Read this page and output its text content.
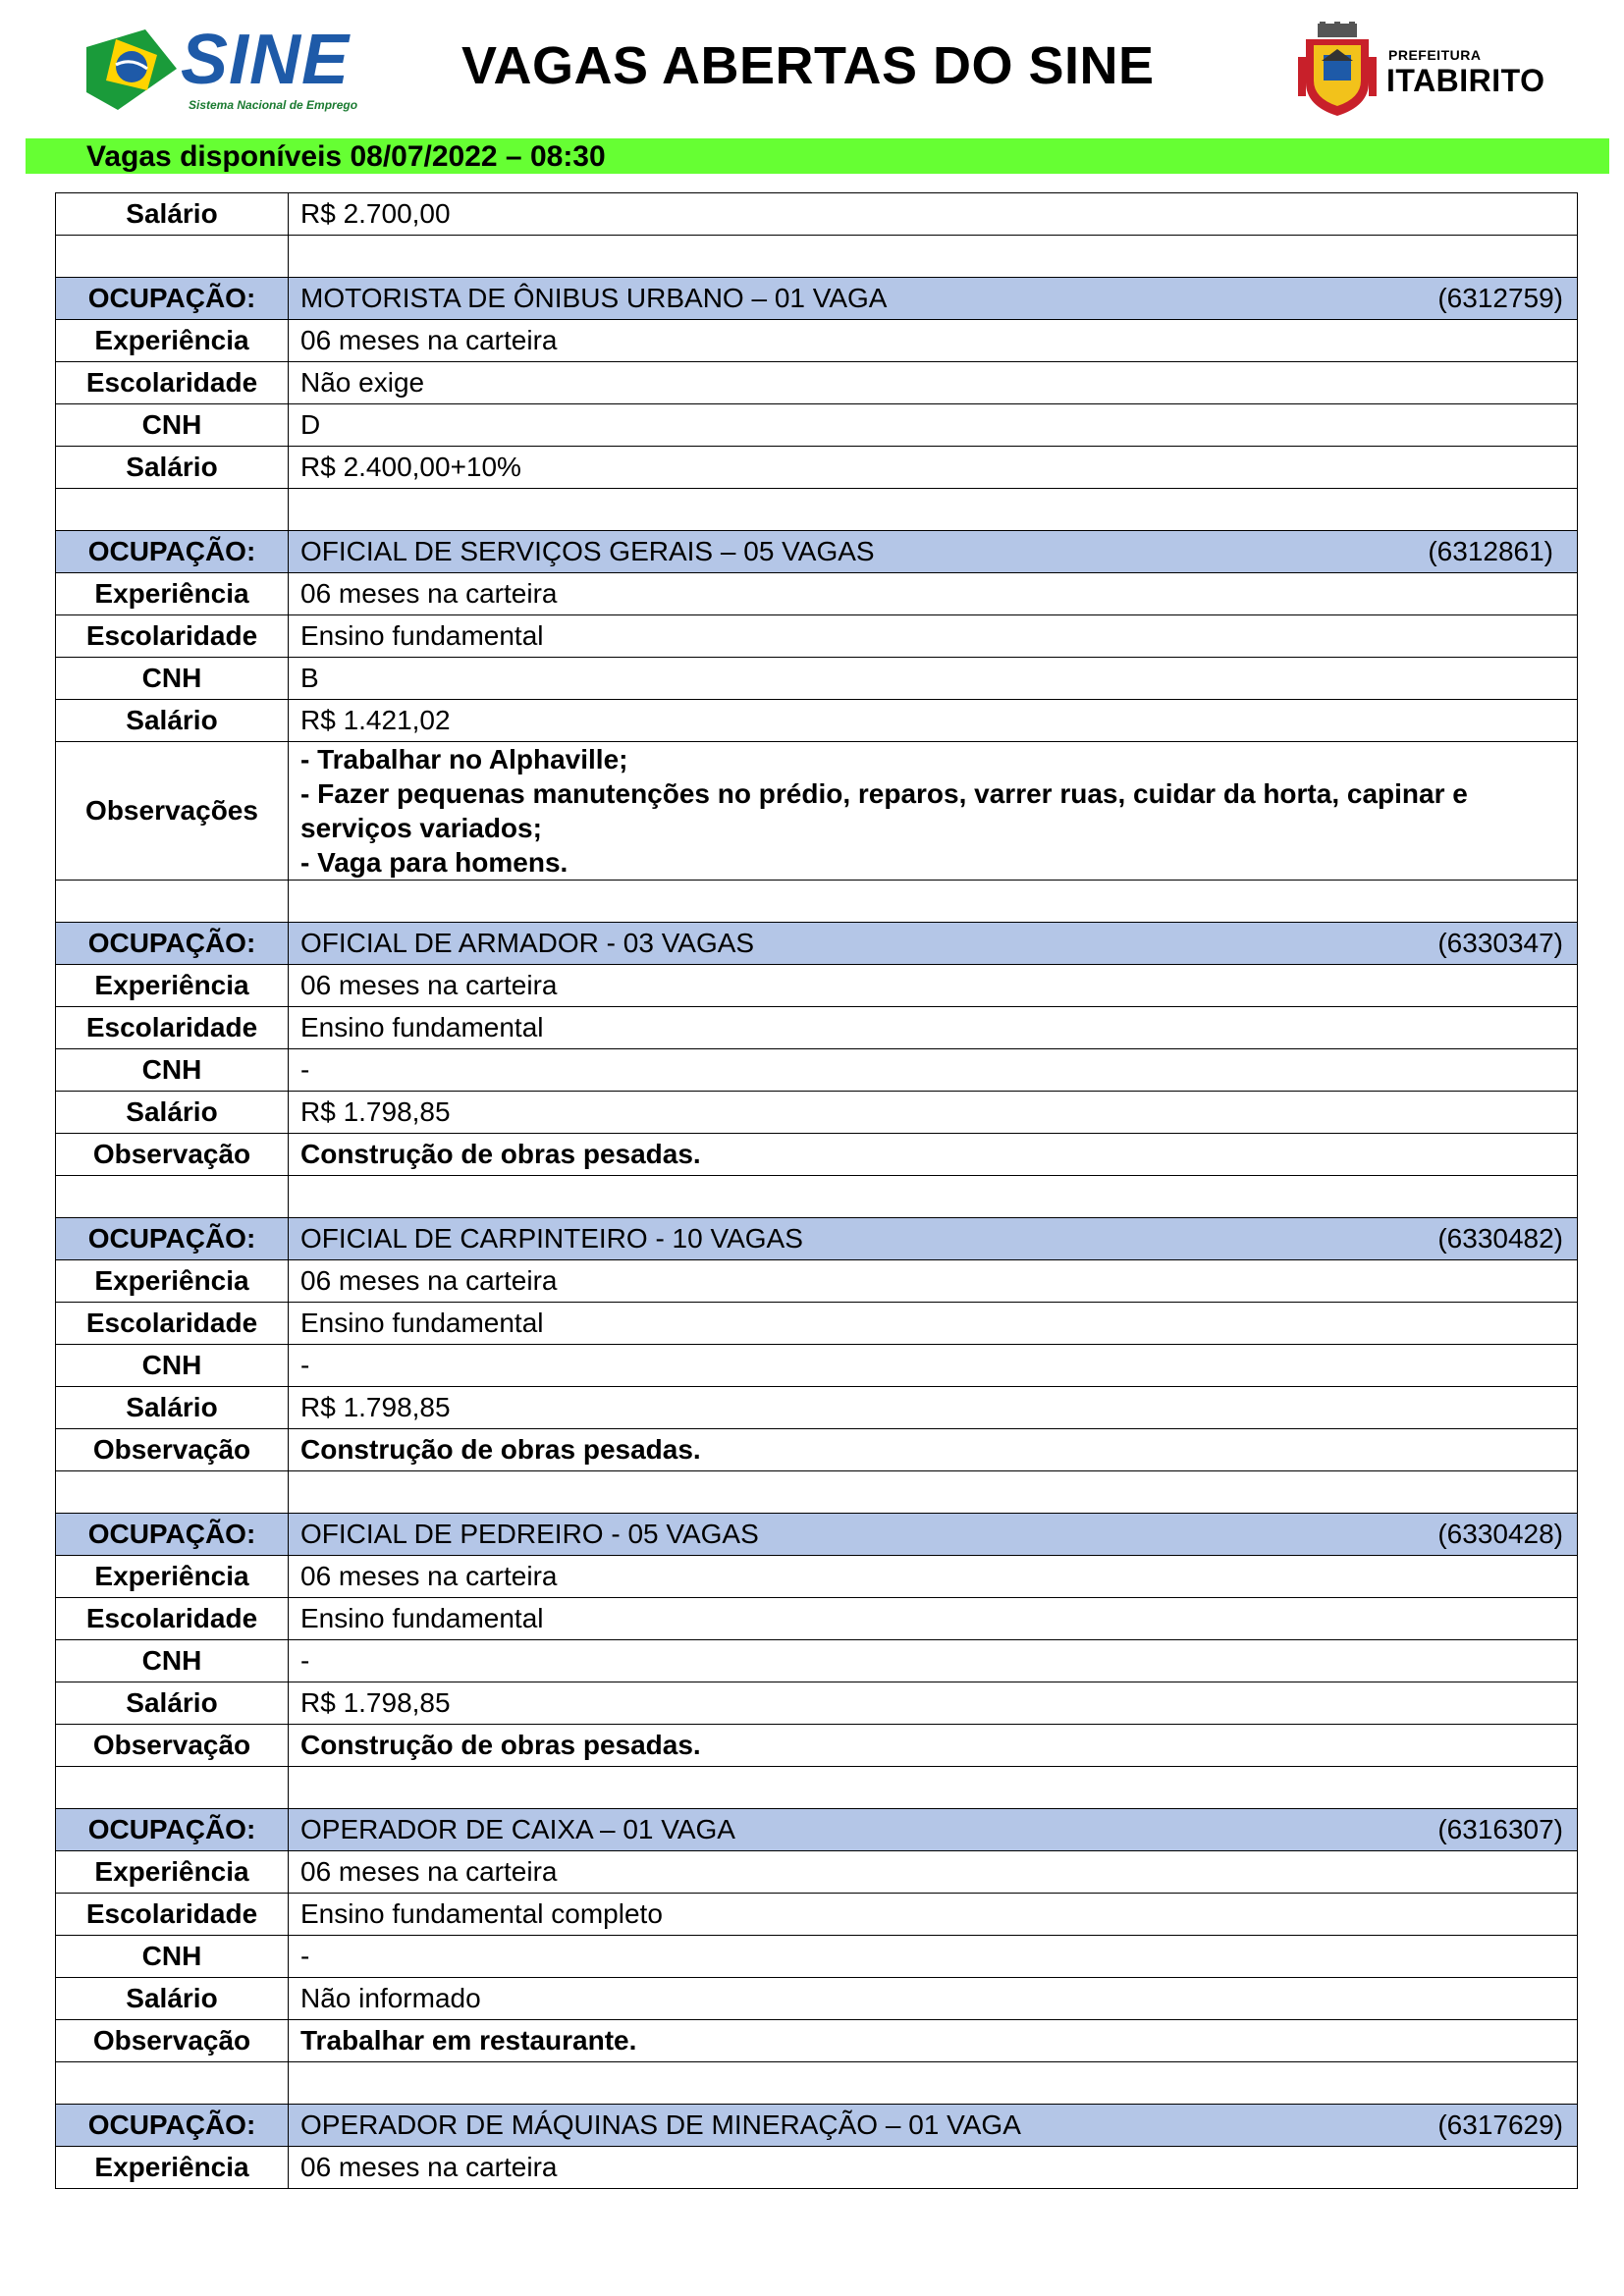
SINE
Sistema Nacional de Emprego
VAGAS ABERTAS DO SINE	PREFEITURA
ITABIRITO
Vagas disponíveis 08/07/2022 – 08:30
Salário	R$ 2.700,00

OCUPAÇÃO:	MOTORISTA DE ÔNIBUS URBANO – 01 VAGA (6312759)

Experiência	06 meses na carteira
Escolaridade	Não exige
CNH	D
Salário	R$ 2.400,00+10%

OCUPAÇÃO:	OFICIAL DE SERVIÇOS GERAIS – 05 VAGAS (6312861)

Experiência	06 meses na carteira
Escolaridade	Ensino fundamental
CNH	B
Salário	R$ 1.421,02
Observações	- Trabalhar no Alphaville;
- Fazer pequenas manutenções no prédio, reparos, varrer ruas, cuidar da horta, capinar e serviços variados;
- Vaga para homens.

OCUPAÇÃO:	OFICIAL DE ARMADOR - 03 VAGAS (6330347)

Experiência	06 meses na carteira
Escolaridade	Ensino fundamental
CNH	-
Salário	R$ 1.798,85
Observação	Construção de obras pesadas.

OCUPAÇÃO:	OFICIAL DE CARPINTEIRO - 10 VAGAS (6330482)

Experiência	06 meses na carteira
Escolaridade	Ensino fundamental
CNH	-
Salário	R$ 1.798,85
Observação	Construção de obras pesadas.

OCUPAÇÃO:	OFICIAL DE PEDREIRO - 05 VAGAS (6330428)

Experiência	06 meses na carteira
Escolaridade	Ensino fundamental
CNH	-
Salário	R$ 1.798,85
Observação	Construção de obras pesadas.

OCUPAÇÃO:	OPERADOR DE CAIXA – 01 VAGA (6316307)

Experiência	06 meses na carteira
Escolaridade	Ensino fundamental completo
CNH	-
Salário	Não informado
Observação	Trabalhar em restaurante.

OCUPAÇÃO:	OPERADOR DE MÁQUINAS DE MINERAÇÃO – 01 VAGA (6317629)

Experiência	06 meses na carteira
